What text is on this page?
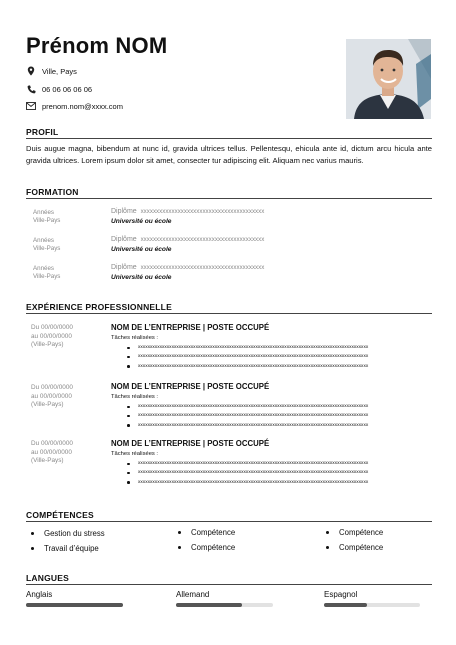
Prénom NOM
Ville, Pays
06 06 06 06 06
prenom.nom@xxxx.com
PROFIL
Duis augue magna, bibendum at nunc id, gravida ultrices tellus. Pellentesqu, ehicula ante id, dictum arcu hicula ante gravida ultrices. Lorem ipsum dolor sit amet, consecter tur adipiscing elit. Aliquam nec varius mauris.
FORMATION
Années
Ville-Pays
Diplôme xxxxxxxxxxxxxxxxxxxxxxxxxxxxxxxxxxxxxxxx
Université ou école
Années
Ville-Pays
Diplôme xxxxxxxxxxxxxxxxxxxxxxxxxxxxxxxxxxxxxxxx
Université ou école
Années
Ville-Pays
Diplôme xxxxxxxxxxxxxxxxxxxxxxxxxxxxxxxxxxxxxxxx
Université ou école
EXPÉRIENCE PROFESSIONNELLE
Du 00/00/0000
au 00/00/0000
(Ville-Pays)
NOM DE L’ENTREPRISE | POSTE OCCUPÉ
Tâches réalisées :
xxxxxxxxxxxxxxxxxxxxxxxxxxxxxxxxxxxxxxxxxxxxxxxxxxxxxxxxxxxxxxxxxxxxxxxxxxxxxxxxxxxxxxxxxxxxxxxx
xxxxxxxxxxxxxxxxxxxxxxxxxxxxxxxxxxxxxxxxxxxxxxxxxxxxxxxxxxxxxxxxxxxxxxxxxxxxxxxxxxxxxxxxxxxxxxxx
xxxxxxxxxxxxxxxxxxxxxxxxxxxxxxxxxxxxxxxxxxxxxxxxxxxxxxxxxxxxxxxxxxxxxxxxxxxxxxxxxxxxxxxxxxxxxxxx
Du 00/00/0000
au 00/00/0000
(Ville-Pays)
NOM DE L’ENTREPRISE | POSTE OCCUPÉ
Tâches réalisées :
xxxxxxxxxxxxxxxxxxxxxxxxxxxxxxxxxxxxxxxxxxxxxxxxxxxxxxxxxxxxxxxxxxxxxxxxxxxxxxxxxxxxxxxxxxxxxxxx
xxxxxxxxxxxxxxxxxxxxxxxxxxxxxxxxxxxxxxxxxxxxxxxxxxxxxxxxxxxxxxxxxxxxxxxxxxxxxxxxxxxxxxxxxxxxxxxx
xxxxxxxxxxxxxxxxxxxxxxxxxxxxxxxxxxxxxxxxxxxxxxxxxxxxxxxxxxxxxxxxxxxxxxxxxxxxxxxxxxxxxxxxxxxxxxxx
Du 00/00/0000
au 00/00/0000
(Ville-Pays)
NOM DE L’ENTREPRISE | POSTE OCCUPÉ
Tâches réalisées :
xxxxxxxxxxxxxxxxxxxxxxxxxxxxxxxxxxxxxxxxxxxxxxxxxxxxxxxxxxxxxxxxxxxxxxxxxxxxxxxxxxxxxxxxxxxxxxxx
xxxxxxxxxxxxxxxxxxxxxxxxxxxxxxxxxxxxxxxxxxxxxxxxxxxxxxxxxxxxxxxxxxxxxxxxxxxxxxxxxxxxxxxxxxxxxxxx
xxxxxxxxxxxxxxxxxxxxxxxxxxxxxxxxxxxxxxxxxxxxxxxxxxxxxxxxxxxxxxxxxxxxxxxxxxxxxxxxxxxxxxxxxxxxxxxx
COMPÉTENCES
Gestion du stress
Travail d’équipe
Compétence
Compétence
Compétence
Compétence
LANGUES
Anglais	Allemand	Espagnol
